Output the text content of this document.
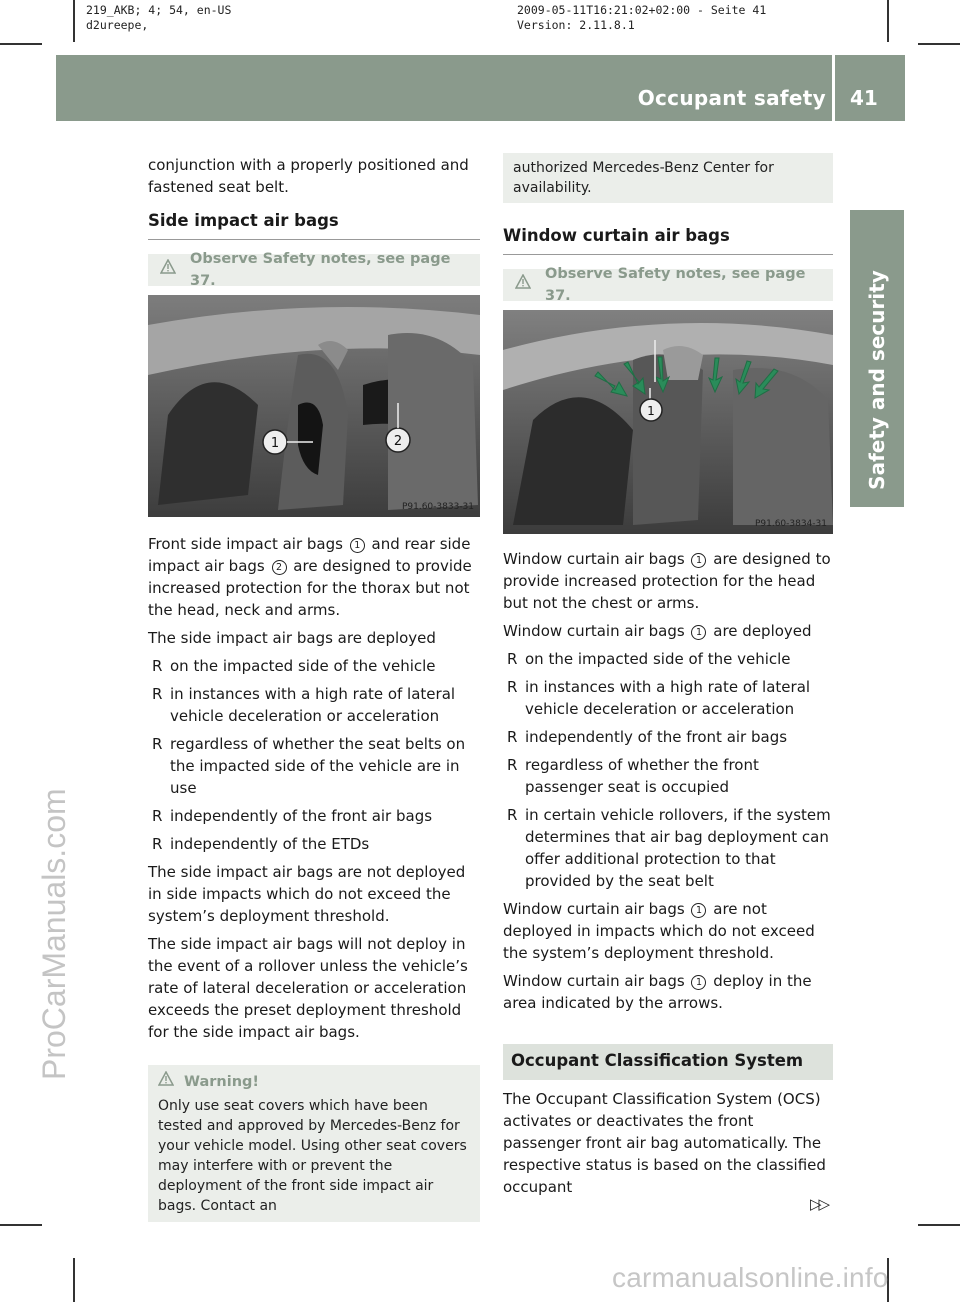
219_AKB; 4; 54, en-US
d2ureepe,
2009-05-11T16:21:02+02:00 - Seite 41
Version: 2.11.8.1
Occupant safety 41
Safety and security
ProCarManuals.com

conjunction with a properly positioned and fastened seat belt.

Side impact air bags
Observe Safety notes, see page 37.
1	2
P91.60-3833-31

Front side impact air bags 1 and rear side impact air bags 2 are designed to provide increased protection for the thorax but not the head, neck and arms.

The side impact air bags are deployed

R on the impacted side of the vehicle
R in instances with a high rate of lateral vehicle deceleration or acceleration
R regardless of whether the seat belts on the impacted side of the vehicle are in use
R independently of the front air bags
R independently of the ETDs

The side impact air bags are not deployed in side impacts which do not exceed the system’s deployment threshold.

The side impact air bags will not deploy in the event of a rollover unless the vehicle’s rate of lateral deceleration or acceleration exceeds the preset deployment threshold for the side impact air bags.

Warning!
Only use seat covers which have been tested and approved by Mercedes-Benz for your vehicle model. Using other seat covers may interfere with or prevent the deployment of the front side impact air bags. Contact an
authorized Mercedes-Benz Center for availability.
Window curtain air bags
Observe Safety notes, see page 37.
1
P91.60-3834-31

Window curtain air bags 1 are designed to provide increased protection for the head but not the chest or arms.

Window curtain air bags 1 are deployed

R on the impacted side of the vehicle
R in instances with a high rate of lateral vehicle deceleration or acceleration
R independently of the front air bags
R regardless of whether the front passenger seat is occupied
R in certain vehicle rollovers, if the system determines that air bag deployment can offer additional protection to that provided by the seat belt

Window curtain air bags 1 are not deployed in impacts which do not exceed the system’s deployment threshold.

Window curtain air bags 1 deploy in the area indicated by the arrows.

Occupant Classification System

The Occupant Classification System (OCS) activates or deactivates the front passenger front air bag automatically. The respective status is based on the classified occupant

▷▷
carmanualsonline.info
